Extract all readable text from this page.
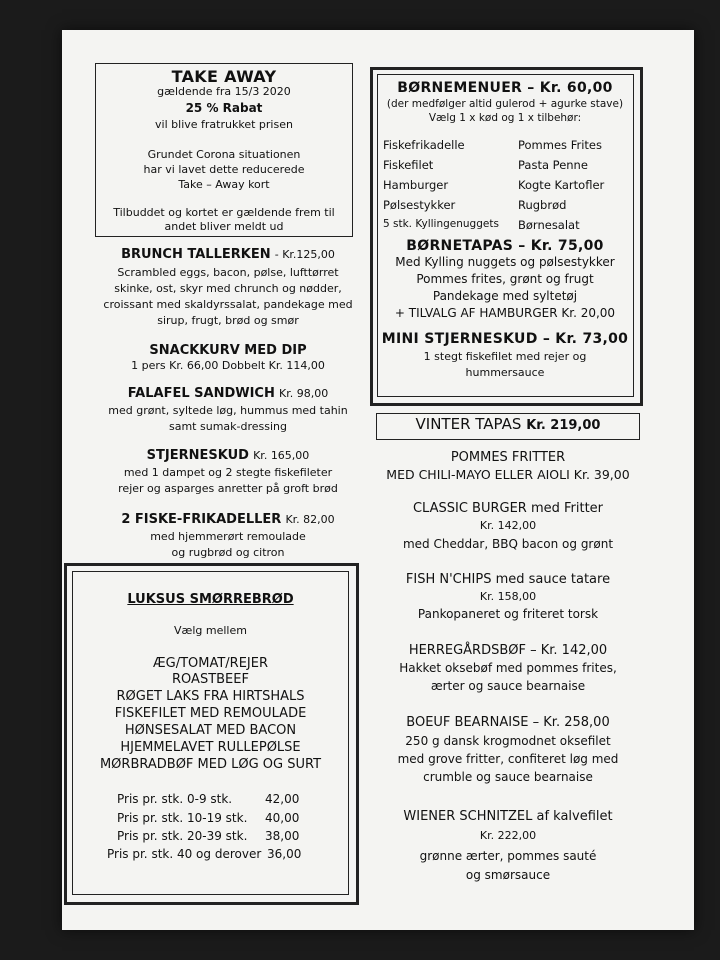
TAKE AWAY
gældende fra 15/3 2020
25 % Rabat
vil blive fratrukket prisen
Grundet Corona situationen
har vi lavet dette reducerede
Take – Away kort
Tilbuddet og kortet er gældende frem til
andet bliver meldt ud
BRUNCH TALLERKEN - Kr.125,00
Scrambled eggs, bacon, pølse, lufttørret
skinke, ost, skyr med chrunch og nødder,
croissant med skaldyrssalat, pandekage med
sirup, frugt, brød og smør
SNACKKURV MED DIP
1 pers Kr. 66,00 Dobbelt Kr. 114,00
FALAFEL SANDWICH Kr. 98,00
med grønt, syltede løg, hummus med tahin
samt sumak-dressing
STJERNESKUD Kr. 165,00
med 1 dampet og 2 stegte fiskefileter
rejer og asparges anretter på groft brød
2 FISKE-FRIKADELLER Kr. 82,00
med hjemmerørt remoulade
og rugbrød og citron
LUKSUS SMØRREBRØD
Vælg mellem
ÆG/TOMAT/REJER
ROASTBEEF
RØGET LAKS FRA HIRTSHALS
FISKEFILET MED REMOULADE
HØNSESALAT MED BACON
HJEMMELAVET RULLEPØLSE
MØRBRADBØF MED LØG OG SURT
Pris pr. stk. 0-9 stk.	42,00
Pris pr. stk. 10-19 stk. 40,00
Pris pr. stk. 20-39 stk. 38,00
Pris pr. stk. 40 og derover 36,00
BØRNEMENUER – Kr. 60,00
(der medfølger altid gulerod + agurke stave)
Vælg 1 x kød og 1 x tilbehør:
Fiskefrikadelle
Fiskefilet
Hamburger
Pølsestykker
5 stk. Kyllingenuggets
Pommes Frites
Pasta Penne
Kogte Kartofler
Rugbrød
Børnesalat
BØRNETAPAS – Kr. 75,00
Med Kylling nuggets og pølsestykker
Pommes frites, grønt og frugt
Pandekage med syltetøj
+ TILVALG AF HAMBURGER Kr. 20,00
MINI STJERNESKUD – Kr. 73,00
1 stegt fiskefilet med rejer og
hummersauce
VINTER TAPAS Kr. 219,00
POMMES FRITTER
MED CHILI-MAYO ELLER AIOLI Kr. 39,00
CLASSIC BURGER med Fritter
Kr. 142,00
med Cheddar, BBQ bacon og grønt
FISH N'CHIPS med sauce tatare
Kr. 158,00
Pankopaneret og friteret torsk
HERREGÅRDSBØF – Kr. 142,00
Hakket oksebøf med pommes frites,
ærter og sauce bearnaise
BOEUF BEARNAISE – Kr. 258,00
250 g dansk krogmodnet oksefilet
med grove fritter, confiteret løg med
crumble og sauce bearnaise
WIENER SCHNITZEL af kalvefilet
Kr. 222,00
grønne ærter, pommes sauté
og smørsauce
